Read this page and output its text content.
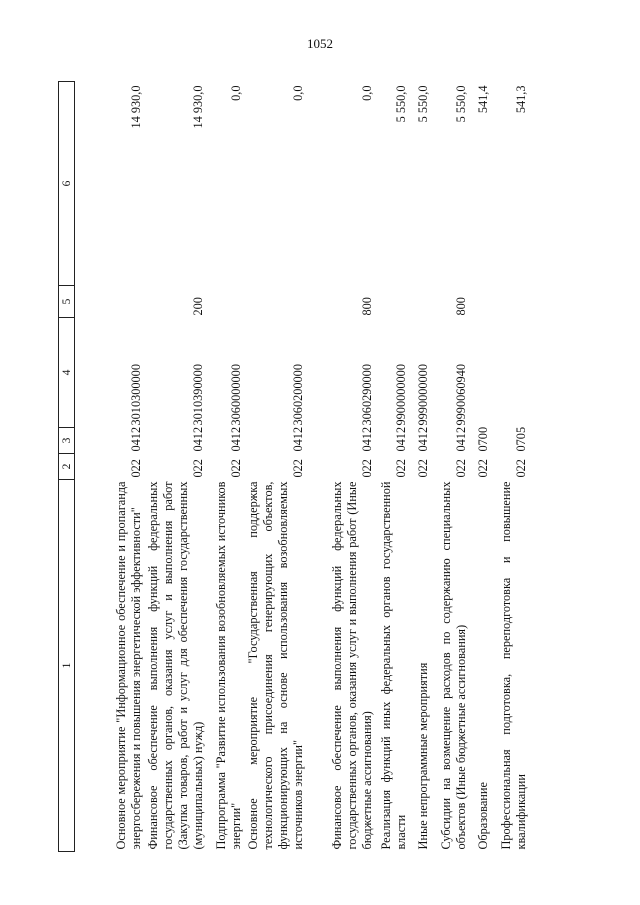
1052
1	2	3	4	5	6
Основное мероприятие "Информационное обеспечение и пропаганда энергосбережения и повышения энергетической эффективности"	022	0412	3010300000		14 930,0
Финансовое обеспечение выполнения функций федеральных государственных органов, оказания услуг и выполнения работ (Закупка товаров, работ и услуг для обеспечения государственных (муниципальных) нужд)	022	0412	3010390000	200	14 930,0
Подпрограмма "Развитие использования возобновляемых источников энергии"	022	0412	3060000000		0,0
Основное мероприятие "Государственная поддержка технологического присоединения генерирующих объектов, функционирующих на основе использования возобновляемых источников энергии"	022	0412	3060200000		0,0
Финансовое обеспечение выполнения функций федеральных государственных органов, оказания услуг и выполнения работ (Иные бюджетные ассигнования)	022	0412	3060290000	800	0,0
Реализация функций иных федеральных органов государственной власти	022	0412	9900000000		5 550,0
Иные непрограммные мероприятия	022	0412	9990000000		5 550,0
Субсидии на возмещение расходов по содержанию специальных объектов (Иные бюджетные ассигнования)	022	0412	9990060940	800	5 550,0
Образование	022	0700			541,4
Профессиональная подготовка, переподготовка и повышение квалификации	022	0705			541,3
